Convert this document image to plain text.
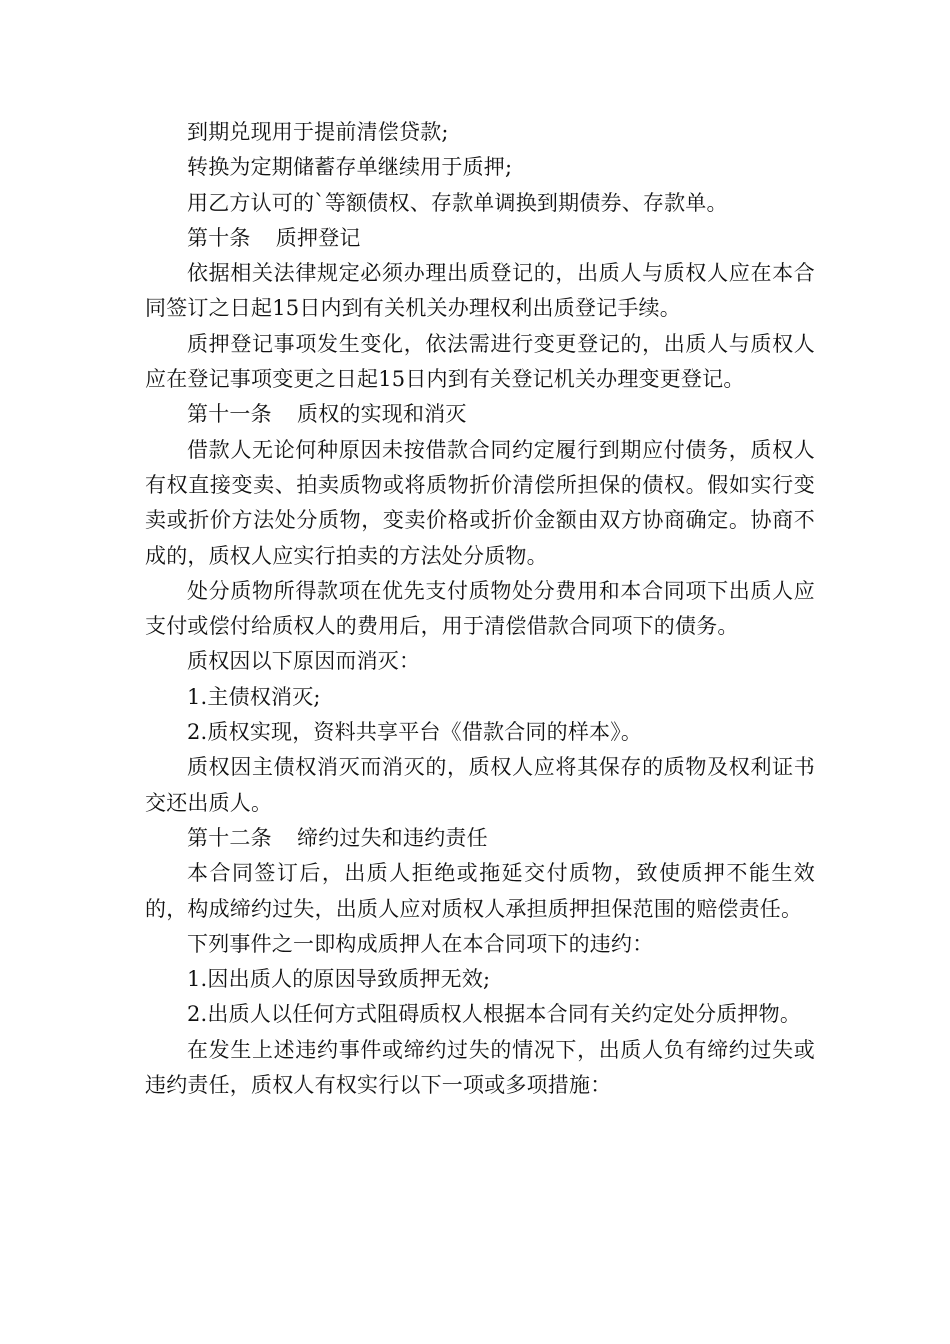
到期兑现用于提前清偿贷款;

转换为定期储蓄存单继续用于质押;

用乙方认可的`等额债权、存款单调换到期债券、存款单。

第十条 质押登记

依据相关法律规定必须办理出质登记的，出质人与质权人应在本合同签订之日起15日内到有关机关办理权利出质登记手续。

质押登记事项发生变化，依法需进行变更登记的，出质人与质权人应在登记事项变更之日起15日内到有关登记机关办理变更登记。

第十一条 质权的实现和消灭

借款人无论何种原因未按借款合同约定履行到期应付债务，质权人有权直接变卖、拍卖质物或将质物折价清偿所担保的债权。假如实行变卖或折价方法处分质物，变卖价格或折价金额由双方协商确定。协商不成的，质权人应实行拍卖的方法处分质物。

处分质物所得款项在优先支付质物处分费用和本合同项下出质人应支付或偿付给质权人的费用后，用于清偿借款合同项下的债务。

质权因以下原因而消灭：

1.主债权消灭;

2.质权实现，资料共享平台《借款合同的样本》。

质权因主债权消灭而消灭的，质权人应将其保存的质物及权利证书交还出质人。

第十二条 缔约过失和违约责任

本合同签订后，出质人拒绝或拖延交付质物，致使质押不能生效的，构成缔约过失，出质人应对质权人承担质押担保范围的赔偿责任。

下列事件之一即构成质押人在本合同项下的违约：

1.因出质人的原因导致质押无效;

2.出质人以任何方式阻碍质权人根据本合同有关约定处分质押物。

在发生上述违约事件或缔约过失的情况下，出质人负有缔约过失或违约责任，质权人有权实行以下一项或多项措施：
